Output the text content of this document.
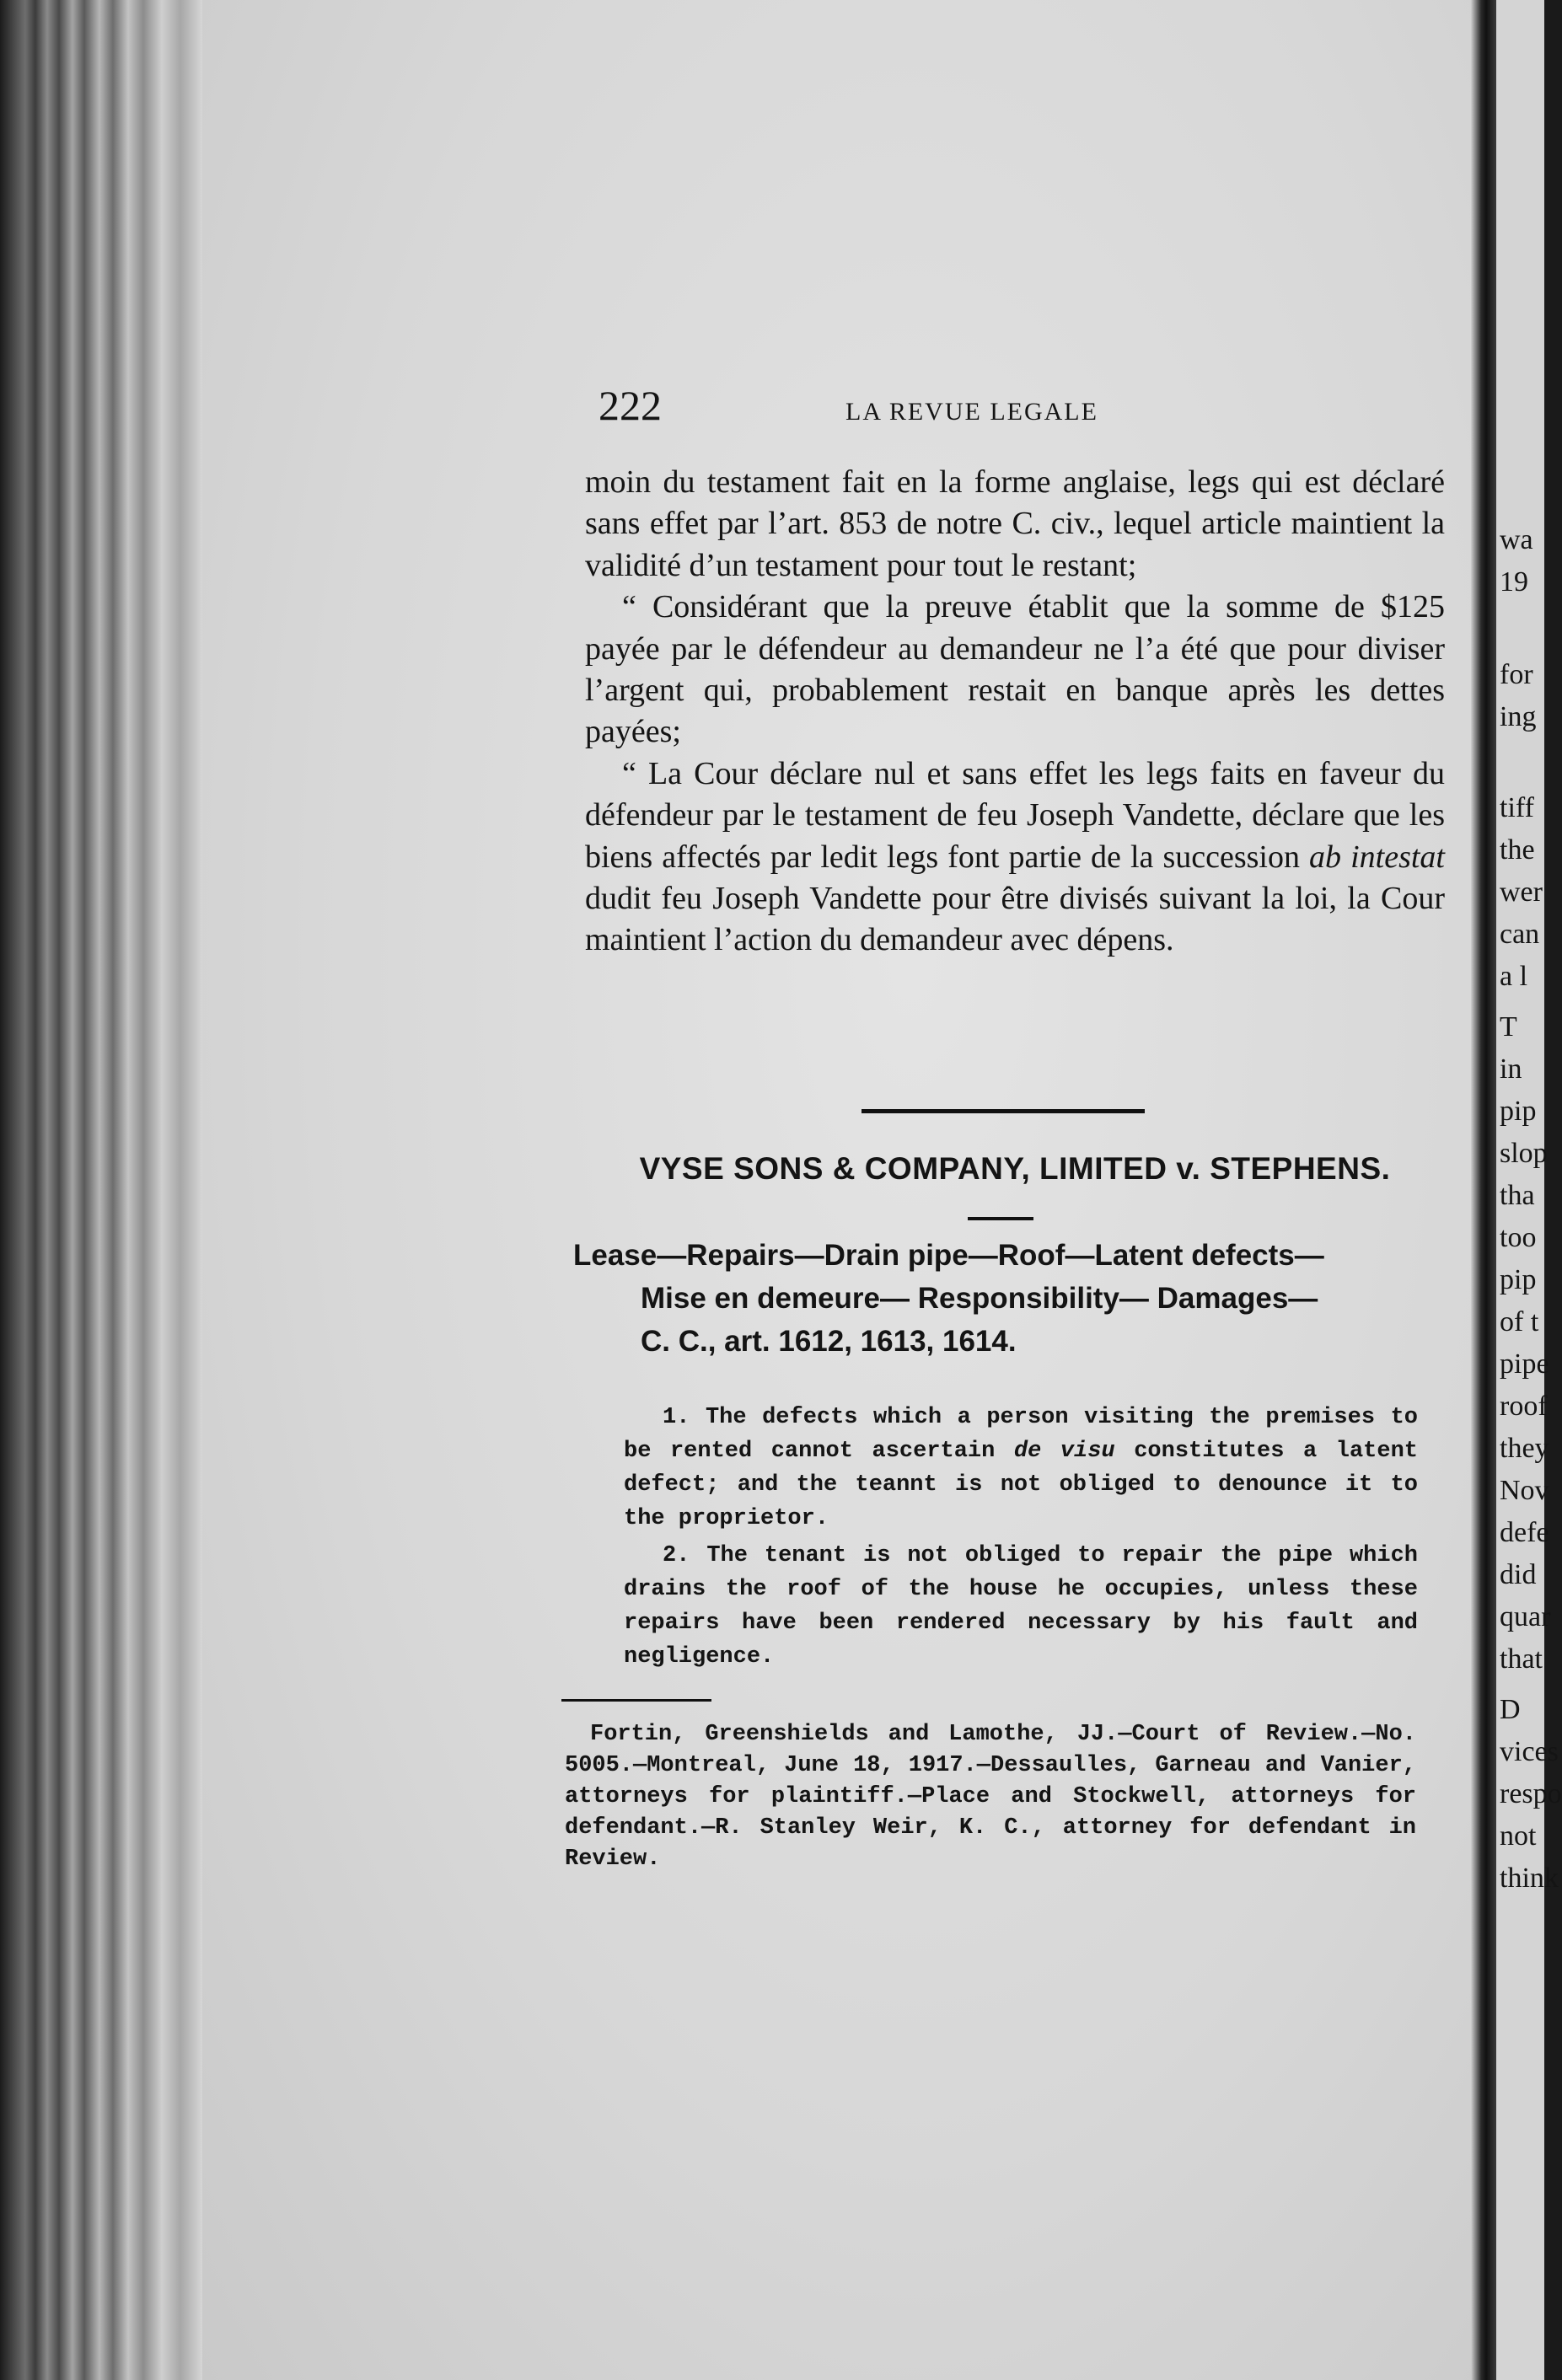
wa
19
for
ing
tiff
the
wer
can
a l
T
in
pip
slop
tha
too
pip
of t
pipe
roof
they
Nov
defe
did
quar
that
D
vices
respo
not
think
222	LA REVUE LEGALE

moin du testament fait en la forme anglaise, legs qui est déclaré sans effet par l’art. 853 de notre C. civ., lequel article maintient la validité d’un testament pour tout le restant;

“ Considérant que la preuve établit que la somme de $125 payée par le défendeur au demandeur ne l’a été que pour diviser l’argent qui, probablement restait en banque après les dettes payées;

“ La Cour déclare nul et sans effet les legs faits en faveur du défendeur par le testament de feu Joseph Vandette, déclare que les biens affectés par ledit legs font partie de la succession ab intestat dudit feu Joseph Vandette pour être divisés suivant la loi, la Cour maintient l’action du demandeur avec dépens.

VYSE SONS & COMPANY, LIMITED v. STEPHENS.
Lease—Repairs—Drain pipe—Roof—Latent defects—
Mise en demeure— Responsibility— Damages—
C. C., art. 1612, 1613, 1614.

1. The defects which a person visiting the premises to be rented cannot ascertain de visu constitutes a latent defect; and the teannt is not obliged to denounce it to the proprietor.

2. The tenant is not obliged to repair the pipe which drains the roof of the house he occupies, unless these repairs have been rendered necessary by his fault and negligence.

Fortin, Greenshields and Lamothe, JJ.—Court of Review.—No. 5005.—Montreal, June 18, 1917.—Dessaulles, Garneau and Vanier, attorneys for plaintiff.—Place and Stockwell, attorneys for defendant.—R. Stanley Weir, K. C., attorney for defendant in Review.
